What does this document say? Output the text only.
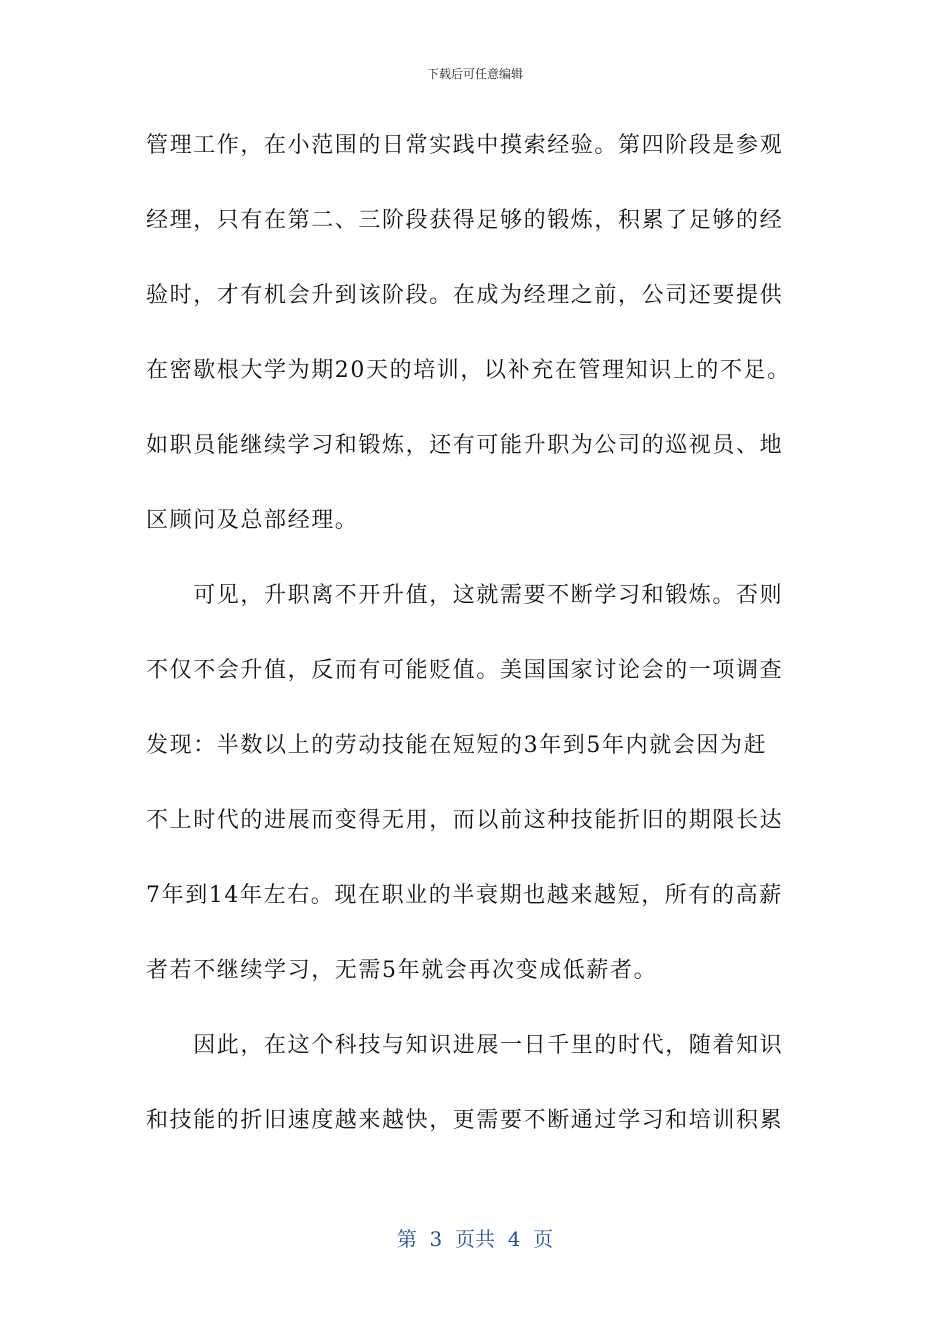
下载后可任意编辑
管理工作，在小范围的日常实践中摸索经验。第四阶段是参观
经理，只有在第二、三阶段获得足够的锻炼，积累了足够的经
验时，才有机会升到该阶段。在成为经理之前，公司还要提供
在密歇根大学为期20天的培训，以补充在管理知识上的不足。
如职员能继续学习和锻炼，还有可能升职为公司的巡视员、地
区顾问及总部经理。
　　可见，升职离不开升值，这就需要不断学习和锻炼。否则
不仅不会升值，反而有可能贬值。美国国家讨论会的一项调查
发现：半数以上的劳动技能在短短的3年到5年内就会因为赶
不上时代的进展而变得无用，而以前这种技能折旧的期限长达
7年到14年左右。现在职业的半衰期也越来越短，所有的高薪
者若不继续学习，无需5年就会再次变成低薪者。
　　因此，在这个科技与知识进展一日千里的时代，随着知识
和技能的折旧速度越来越快，更需要不断通过学习和培训积累
第  3  页共  4  页
